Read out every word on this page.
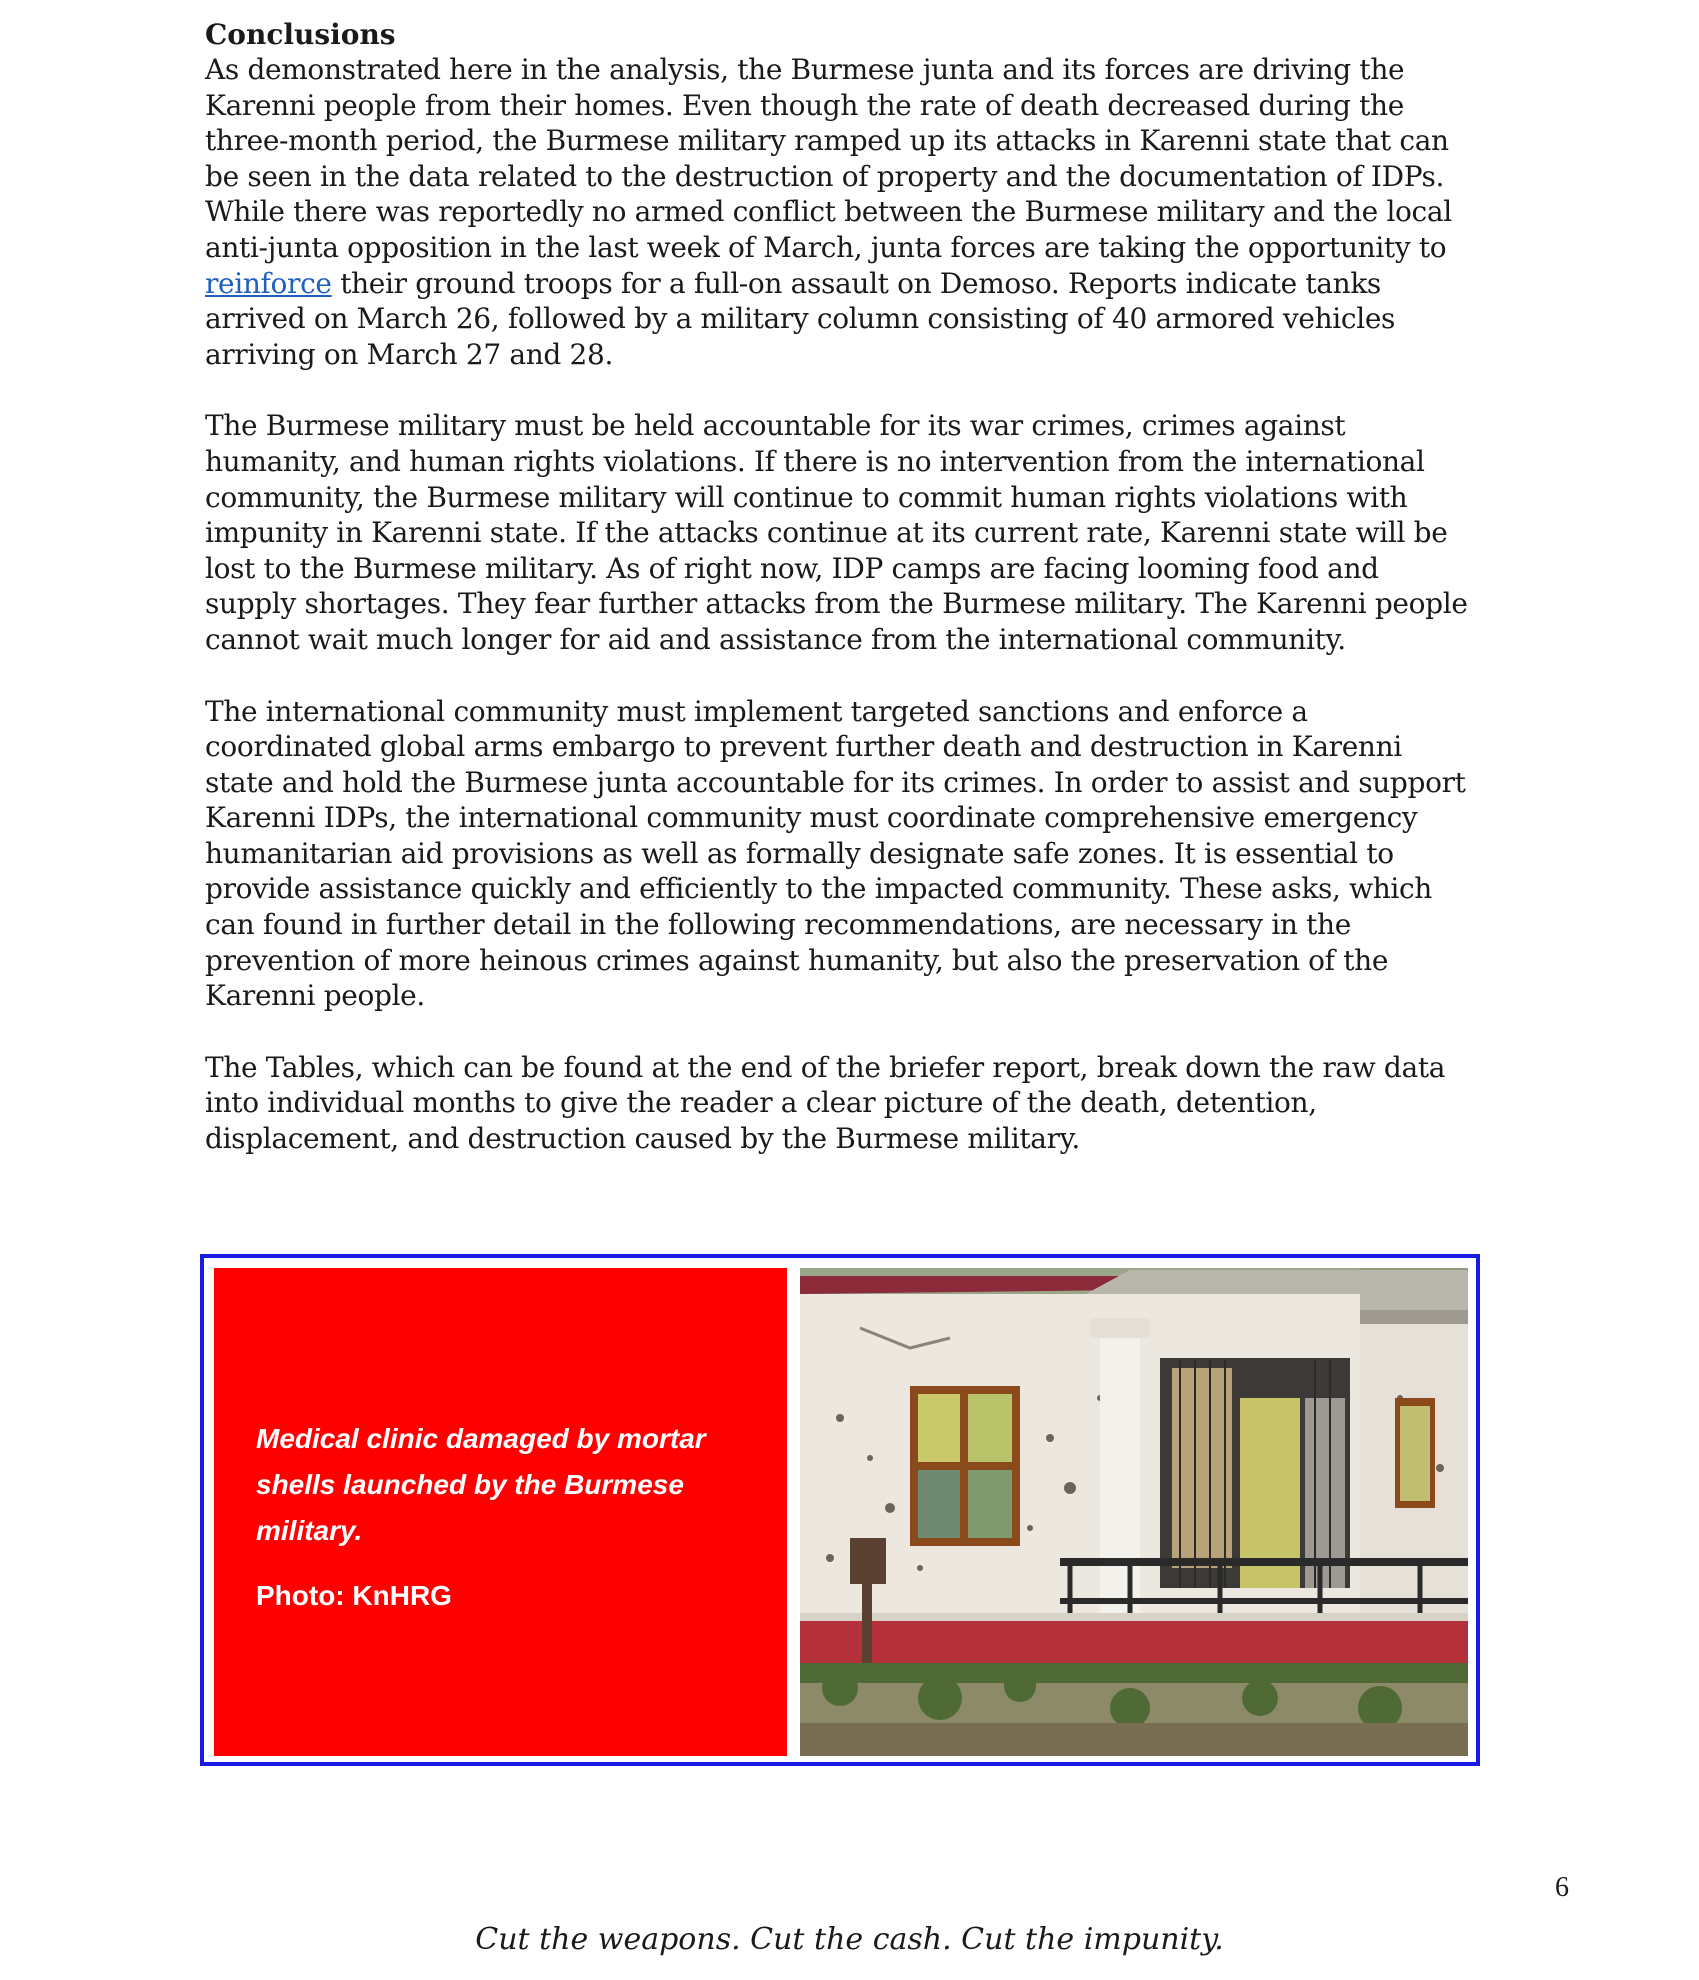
Conclusions

As demonstrated here in the analysis, the Burmese junta and its forces are driving the Karenni people from their homes. Even though the rate of death decreased during the three-month period, the Burmese military ramped up its attacks in Karenni state that can be seen in the data related to the destruction of property and the documentation of IDPs. While there was reportedly no armed conflict between the Burmese military and the local anti-junta opposition in the last week of March, junta forces are taking the opportunity to reinforce their ground troops for a full-on assault on Demoso. Reports indicate tanks arrived on March 26, followed by a military column consisting of 40 armored vehicles arriving on March 27 and 28.

The Burmese military must be held accountable for its war crimes, crimes against humanity, and human rights violations. If there is no intervention from the international community, the Burmese military will continue to commit human rights violations with impunity in Karenni state. If the attacks continue at its current rate, Karenni state will be lost to the Burmese military. As of right now, IDP camps are facing looming food and supply shortages. They fear further attacks from the Burmese military. The Karenni people cannot wait much longer for aid and assistance from the international community.

The international community must implement targeted sanctions and enforce a coordinated global arms embargo to prevent further death and destruction in Karenni state and hold the Burmese junta accountable for its crimes. In order to assist and support Karenni IDPs, the international community must coordinate comprehensive emergency humanitarian aid provisions as well as formally designate safe zones. It is essential to provide assistance quickly and efficiently to the impacted community. These asks, which can found in further detail in the following recommendations, are necessary in the prevention of more heinous crimes against humanity, but also the preservation of the Karenni people.

The Tables, which can be found at the end of the briefer report, break down the raw data into individual months to give the reader a clear picture of the death, detention, displacement, and destruction caused by the Burmese military.

Medical clinic damaged by mortar shells launched by the Burmese military.
Photo: KnHRG
6
Cut the weapons. Cut the cash. Cut the impunity.
